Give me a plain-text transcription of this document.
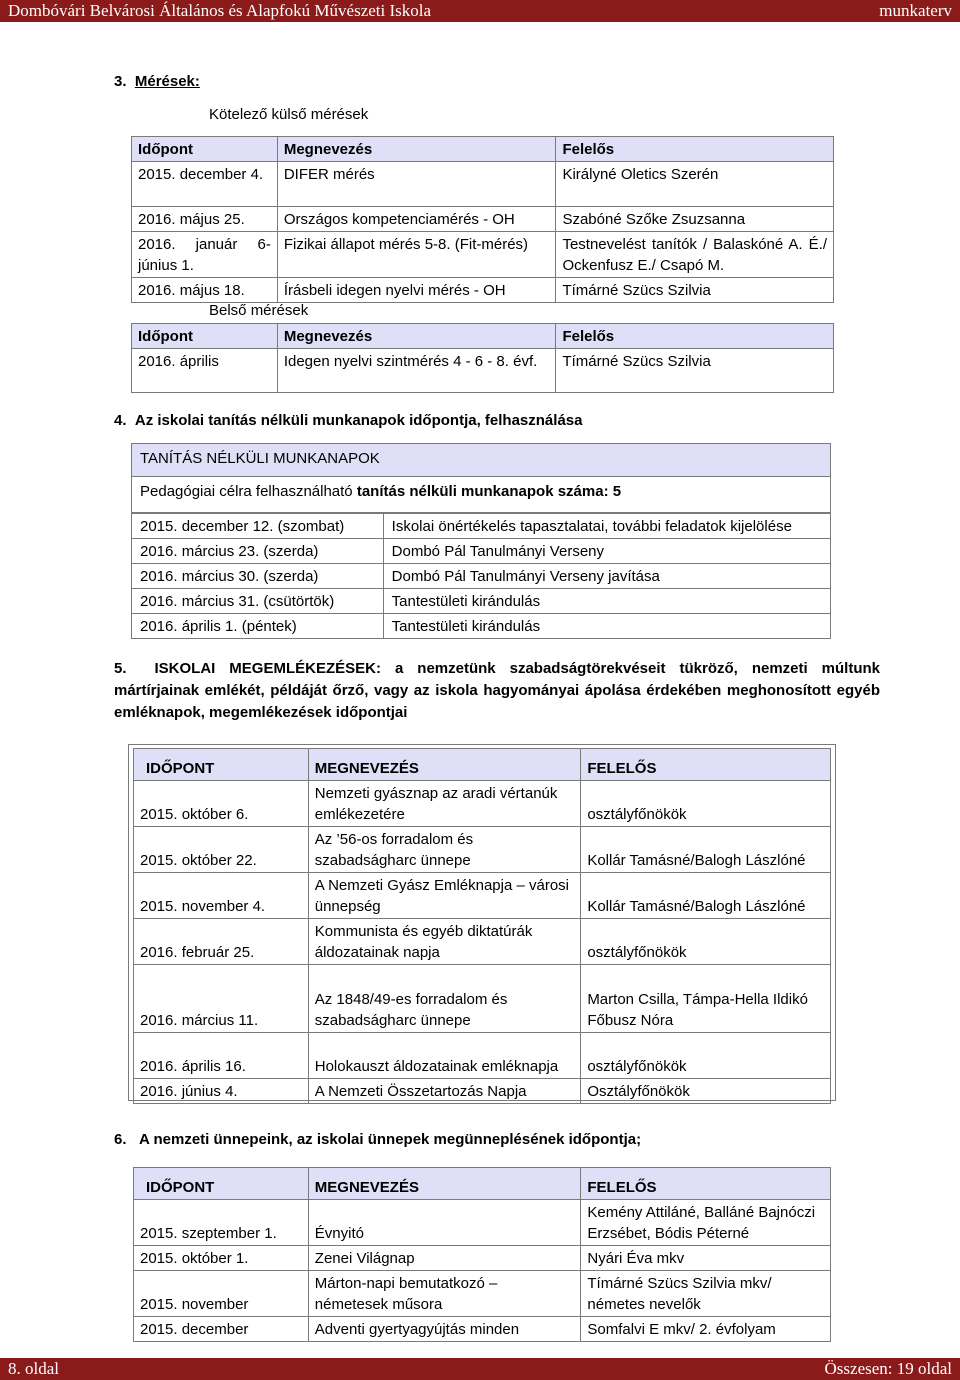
Dombóvári Belvárosi Általános és Alapfokú Művészeti Iskola	munkaterv
3. Mérések:
Kötelező külső mérések
Időpont	Megnevezés	Felelős
2015. december 4.	DIFER mérés	Királyné Oletics Szerén
2016. május 25.	Országos kompetenciamérés - OH	Szabóné Szőke Zsuzsanna
2016. január 6-június 1.	Fizikai állapot mérés 5-8. (Fit-mérés)	Testnevelést tanítók / Balaskóné A. É./ Ockenfusz E./ Csapó M.
2016. május 18.	Írásbeli idegen nyelvi mérés - OH	Tímárné Szücs Szilvia
Belső mérések
Időpont	Megnevezés	Felelős
2016. április	Idegen nyelvi szintmérés 4 - 6 - 8. évf.	Tímárné Szücs Szilvia
4. Az iskolai tanítás nélküli munkanapok időpontja, felhasználása
TANÍTÁS NÉLKÜLI MUNKANAPOK
Pedagógiai célra felhasználható tanítás nélküli munkanapok száma: 5
2015. december 12. (szombat)	Iskolai önértékelés tapasztalatai, további feladatok kijelölése
2016. március 23. (szerda)	Dombó Pál Tanulmányi Verseny
2016. március 30. (szerda)	Dombó Pál Tanulmányi Verseny javítása
2016. március 31. (csütörtök)	Tantestületi kirándulás
2016. április 1. (péntek)	Tantestületi kirándulás
5. ISKOLAI MEGEMLÉKEZÉSEK: a nemzetünk szabadságtörekvéseit tükröző, nemzeti múltunk mártírjainak emlékét, példáját őrző, vagy az iskola hagyományai ápolása érdekében meghonosított egyéb emléknapok, megemlékezések időpontjai
IDŐPONT	MEGNEVEZÉS	FELELŐS
2015. október 6.	Nemzeti gyásznap az aradi vértanúk emlékezetére	osztályfőnökök
2015. október 22.	Az ’56-os forradalom és szabadságharc ünnepe	Kollár Tamásné/Balogh Lászlóné
2015. november 4.	A Nemzeti Gyász Emléknapja – városi ünnepség	Kollár Tamásné/Balogh Lászlóné
2016. február 25.	Kommunista és egyéb diktatúrák áldozatainak napja	osztályfőnökök
2016. március 11.	Az 1848/49-es forradalom és szabadságharc ünnepe	Marton Csilla, Támpa-Hella Ildikó Főbusz Nóra
2016. április 16.	Holokauszt áldozatainak emléknapja	osztályfőnökök
2016. június 4.	A Nemzeti Összetartozás Napja	Osztályfőnökök
6. A nemzeti ünnepeink, az iskolai ünnepek megünneplésének időpontja;
IDŐPONT	MEGNEVEZÉS	FELELŐS
2015. szeptember 1.	Évnyitó	Kemény Attiláné, Balláné Bajnóczi Erzsébet, Bódis Péterné
2015. október 1.	Zenei Világnap	Nyári Éva mkv
2015. november	Márton-napi bemutatkozó – németesek műsora	Tímárné Szücs Szilvia mkv/ németes nevelők
2015. december	Adventi gyertyagyújtás minden	Somfalvi E mkv/ 2. évfolyam
8. oldal	Összesen: 19 oldal
